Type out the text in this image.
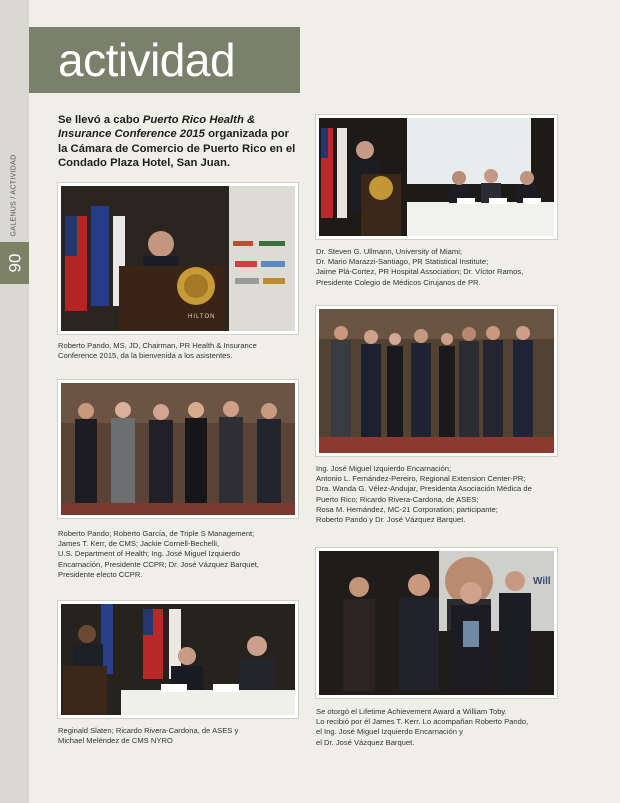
GALENUS / ACTIVIDAD
90
actividad
Se llevó a cabo Puerto Rico Health & Insurance Conference 2015 organizada por la Cámara de Comercio de Puerto Rico en el Condado Plaza Hotel, San Juan.
HILTON
Roberto Pando, MS, JD, Chairman, PR Health & Insurance
Conference 2015, da la bienvenida a los asistentes.
Roberto Pando; Roberto García, de Triple S Management;
James T. Kerr, de CMS; Jackie Cornell-Bechelli,
U.S. Department of Health; Ing. José Miguel Izquierdo
Encarnación, Presidente CCPR; Dr. José Vázquez Barquet,
Presidente electo CCPR.
Reginald Slaten; Ricardo Rivera-Cardona, de ASES y
Michael Meléndez de CMS NYRO
Dr. Steven G. Ullmann, University of Miami;
Dr. Mario Marazzi-Santiago, PR Statistical Institute;
Jaime Plá-Cortez, PR Hospital Association; Dr. Víctor Ramos,
Presidente Colegio de Médicos Cirujanos de PR.
Ing. José Miguel Izquierdo Encarnación;
Antonio L. Fernández-Pereiro, Regional Extension Center-PR;
Dra. Wanda G. Vélez-Andujar, Presidenta Asociación Médica de
Puerto Rico; Ricardo Rivera-Cardona, de ASES;
Rosa M. Hernández, MC-21 Corporation; participante;
Roberto Pando y Dr. José Vázquez Barquet.
Will
Se otorgó el Lifetime Achievement Award a William Toby.
Lo recibió por él James T. Kerr. Lo acompañan Roberto Pando,
el Ing. José Miguel Izquierdo Encarnación y
el Dr. José Vázquez Barquet.
